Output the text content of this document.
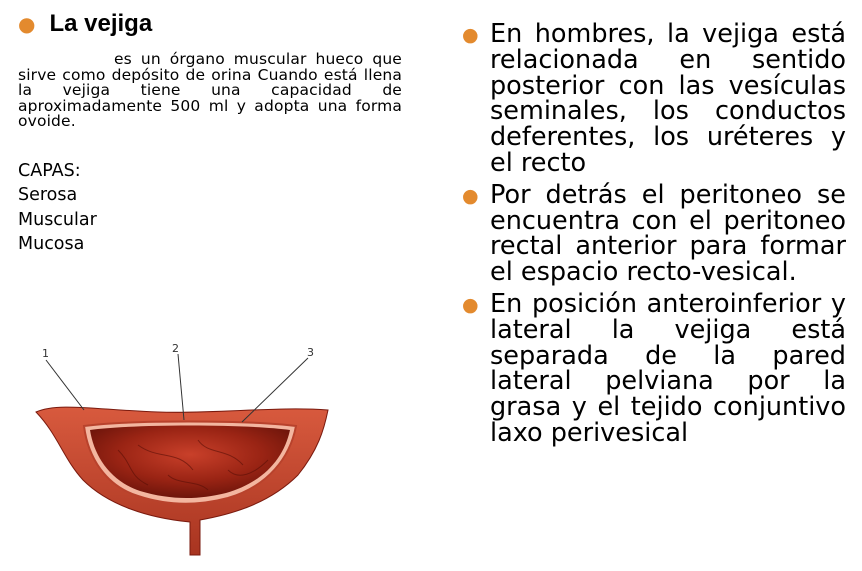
● La vejiga
es un órgano muscular hueco que sirve como depósito de orina Cuando está llena la vejiga tiene una capacidad de aproximadamente 500 ml y adopta una forma ovoide.
CAPAS:
Serosa
Muscular
Mucosa
1	2	3
● En hombres, la vejiga está relacionada en sentido posterior con las vesículas seminales, los conductos deferentes, los uréteres y el recto
● Por detrás el peritoneo se encuentra con el peritoneo rectal anterior para formar el espacio recto-vesical.
● En posición anteroinferior y lateral la vejiga está separada de la pared lateral pelviana por la grasa y el tejido conjuntivo laxo perivesical
